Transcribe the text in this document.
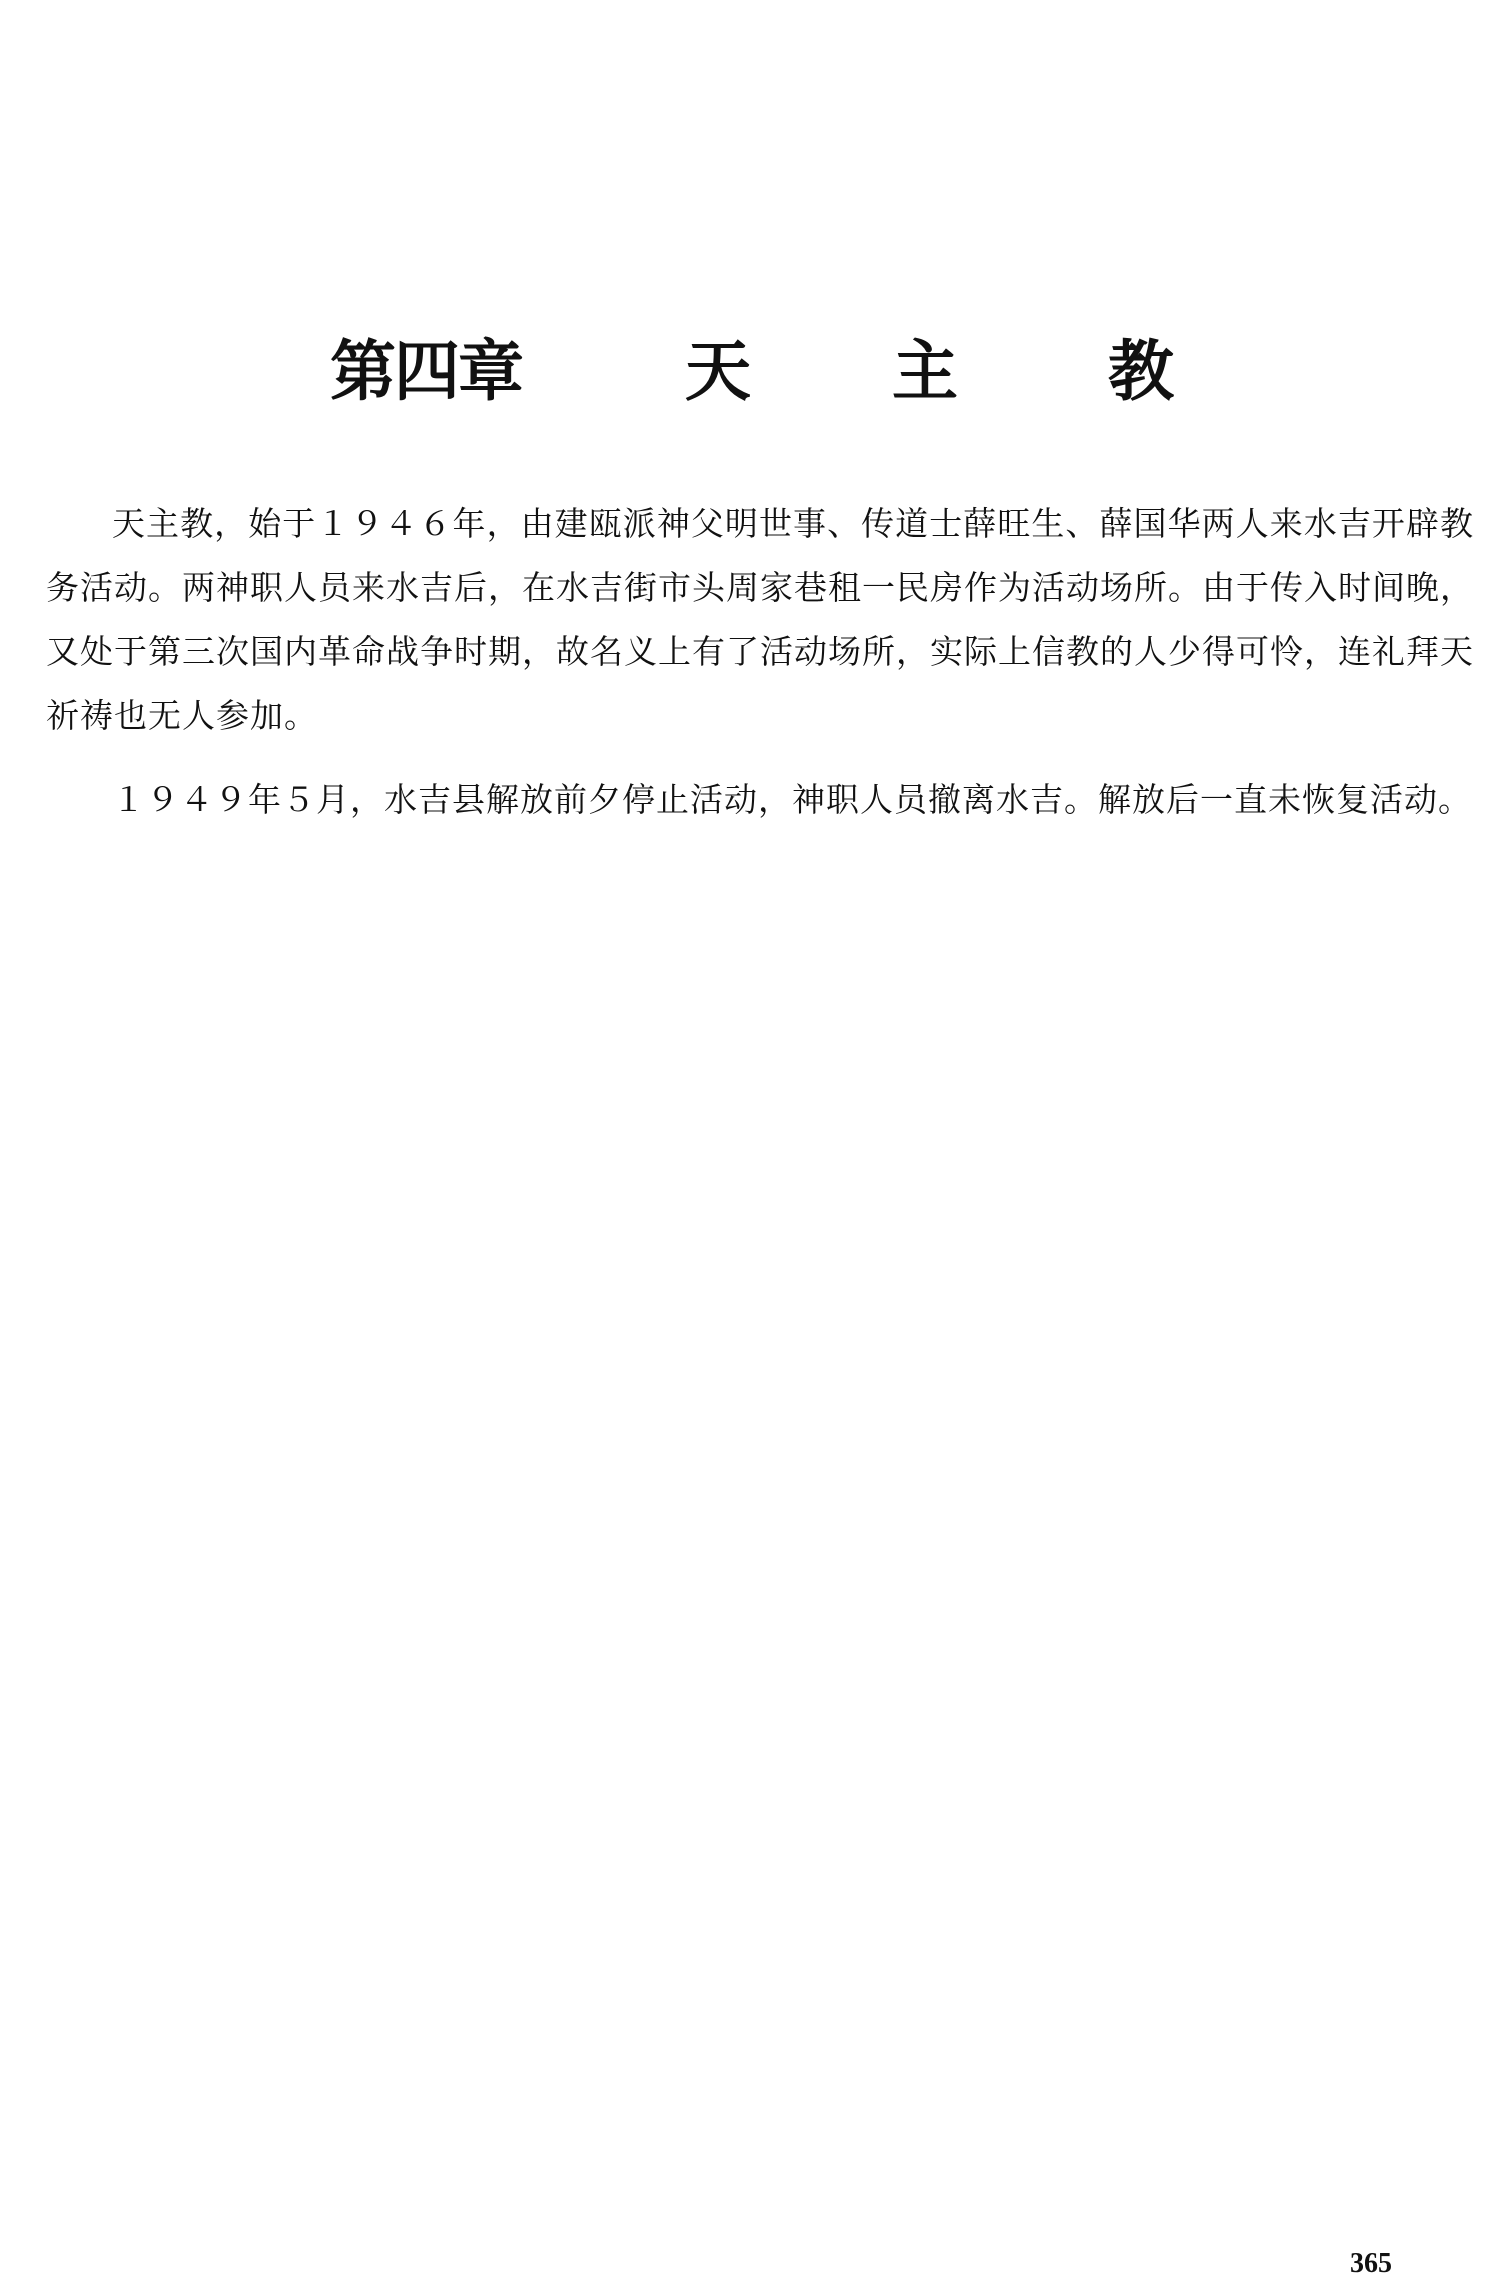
第四章 天 主 教

天主教，始于１９４６年，由建瓯派神父明世事、传道士薛旺生、薛国华两人来水吉开辟教务活动。两神职人员来水吉后，在水吉街市头周家巷租一民房作为活动场所。由于传入时间晚，又处于第三次国内革命战争时期，故名义上有了活动场所，实际上信教的人少得可怜，连礼拜天祈祷也无人参加。

１９４９年５月，水吉县解放前夕停止活动，神职人员撤离水吉。解放后一直未恢复活动。

365
